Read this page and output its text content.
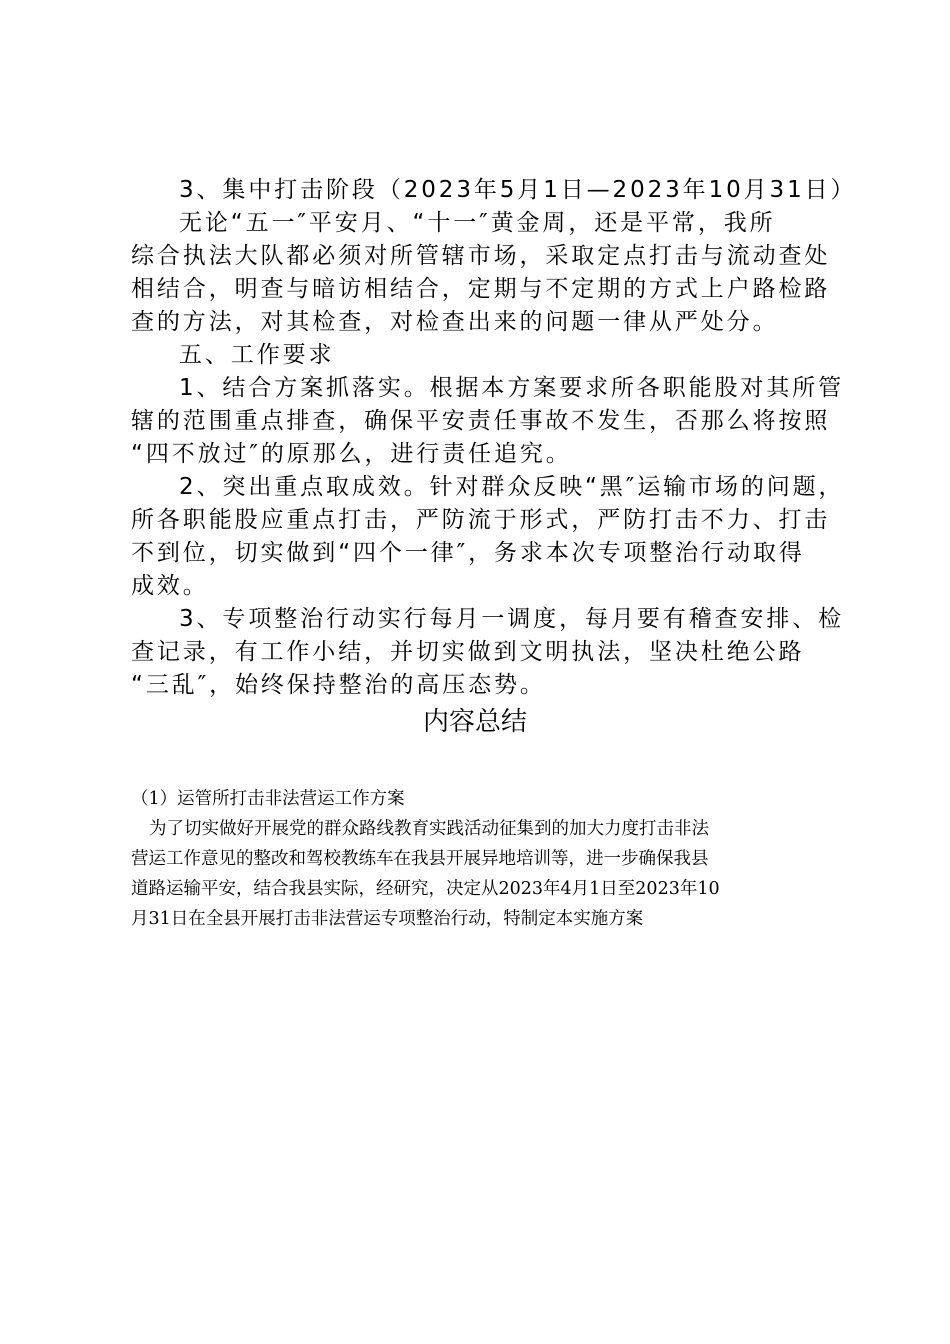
3、集中打击阶段（2023年5月1日—2023年10月31日）

无论“五一″平安月、“十一″黄金周，还是平常，我所

综合执法大队都必须对所管辖市场，采取定点打击与流动查处

相结合，明查与暗访相结合，定期与不定期的方式上户路检路

查的方法，对其检查，对检查出来的问题一律从严处分。

五、工作要求

1、结合方案抓落实。根据本方案要求所各职能股对其所管

辖的范围重点排查，确保平安责任事故不发生，否那么将按照

“四不放过″的原那么，进行责任追究。

2、突出重点取成效。针对群众反映“黑″运输市场的问题，

所各职能股应重点打击，严防流于形式，严防打击不力、打击

不到位，切实做到“四个一律″，务求本次专项整治行动取得

成效。

3、专项整治行动实行每月一调度，每月要有稽查安排、检

查记录，有工作小结，并切实做到文明执法，坚决杜绝公路

“三乱″，始终保持整治的高压态势。

内容总结

（1）运管所打击非法营运工作方案

为了切实做好开展党的群众路线教育实践活动征集到的加大力度打击非法

营运工作意见的整改和驾校教练车在我县开展异地培训等，进一步确保我县

道路运输平安，结合我县实际，经研究，决定从2023年4月1日至2023年10

月31日在全县开展打击非法营运专项整治行动，特制定本实施方案
